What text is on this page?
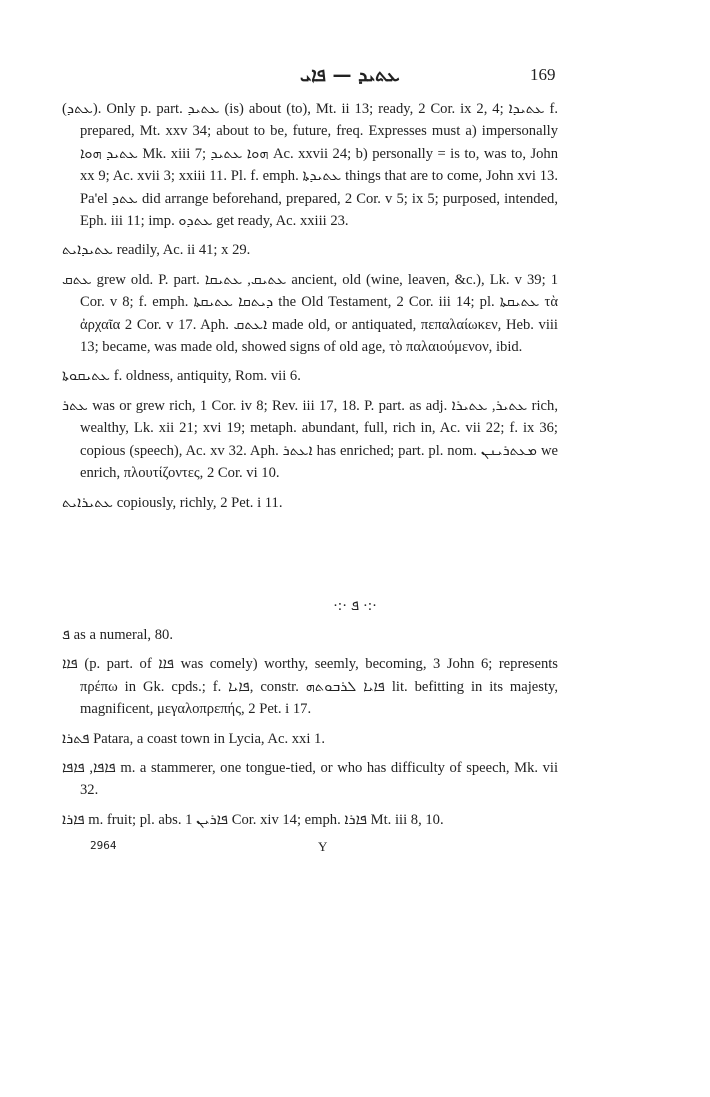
ܥܬܝܕ — ܦܐܝ	169

(ܥܬܕ). Only p. part. ܥܬܝܕ (is) about (to), Mt. ii 13; ready, 2 Cor. ix 2, 4; ܥܬܝܕܐ f. prepared, Mt. xxv 34; about to be, future, freq. Expresses must a) impersonally ܥܬܝܕ ܗܘܐ Mk. xiii 7; ܗܘܐ ܥܬܝܕ Ac. xxvii 24; b) personally = is to, was to, John xx 9; Ac. xvii 3; xxiii 11. Pl. f. emph. ܥܬܝܕܬܐ things that are to come, John xvi 13. Pa'el ܥܬܕ did arrange beforehand, prepared, 2 Cor. v 5; ix 5; purposed, intended, Eph. iii 11; imp. ܥܬܕܘ get ready, Ac. xxiii 23.

ܥܬܝܕܐܝܬ readily, Ac. ii 41; x 29.

ܥܬܩ grew old. P. part. ܥܬܝܩ, ܥܬܝܩܐ ancient, old (wine, leaven, &c.), Lk. v 39; 1 Cor. v 8; f. emph. ܕܝܬܩܐ ܥܬܝܩܬܐ the Old Testament, 2 Cor. iii 14; pl. ܥܬܝܩܬܐ τὰ ἀρχαῖα 2 Cor. v 17. Aph. ܐܥܬܩ made old, or antiquated, πεπαλαίωκεν, Heb. viii 13; became, was made old, showed signs of old age, τὸ παλαιούμενον, ibid.

ܥܬܝܩܘܬܐ f. oldness, antiquity, Rom. vii 6.

ܥܬܪ was or grew rich, 1 Cor. iv 8; Rev. iii 17, 18. P. part. as adj. ܥܬܝܪ, ܥܬܝܪܐ rich, wealthy, Lk. xii 21; xvi 19; metaph. abundant, full, rich in, Ac. vii 22; f. ix 36; copious (speech), Ac. xv 32. Aph. ܐܥܬܪ has enriched; part. pl. nom. ܡܥܬܪܝܢܢ we enrich, πλουτίζοντες, 2 Cor. vi 10.

ܥܬܝܪܐܝܬ copiously, richly, 2 Pet. i 11.

·:· ܦ ·:·

ܦ as a numeral, 80.

ܦܐܐ (p. part. of ܦܐܐ was comely) worthy, seemly, becoming, 3 John 6; represents πρέπω in Gk. cpds.; f. ܦܐܝܐ, constr. ܦܐܝܐ ܠܪܒܘܬܗ lit. befitting in its majesty, magnificent, μεγαλοπρεπής, 2 Pet. i 17.

ܦܬܪܐ Patara, a coast town in Lycia, Ac. xxi 1.

ܦܐܦܐ, ܦܐܦܐ m. a stammerer, one tongue-tied, or who has difficulty of speech, Mk. vii 32.

ܦܐܪܐ m. fruit; pl. abs. ܦܐܪܝܢ 1 Cor. xiv 14; emph. ܦܐܪܐ Mt. iii 8, 10.

2964	Y
